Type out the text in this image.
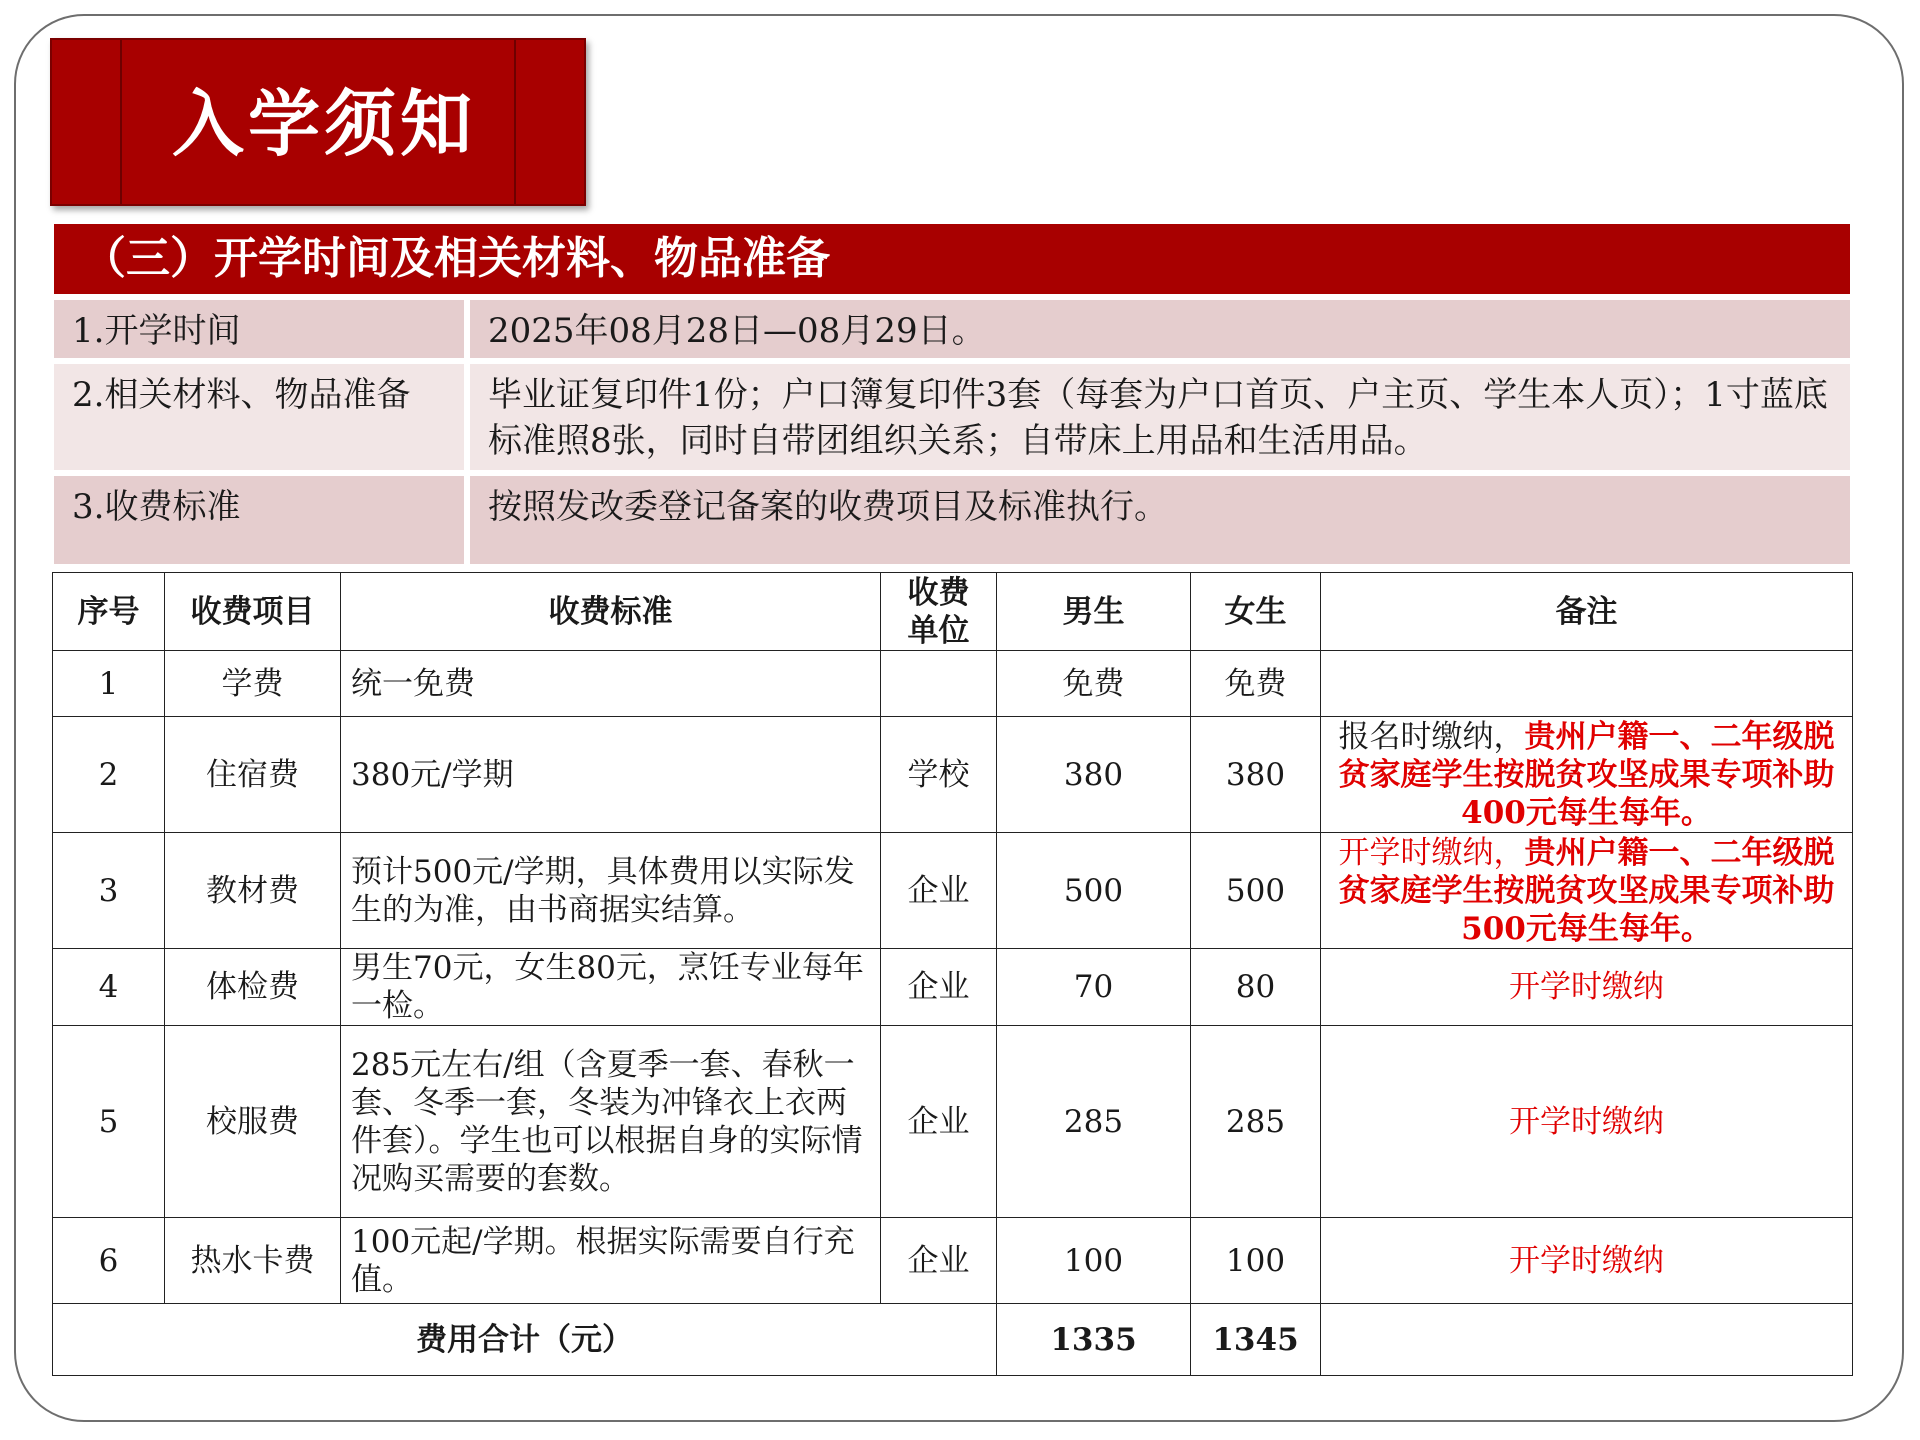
入学须知
（三）开学时间及相关材料、物品准备
1.开学时间	2025年08月28日—08月29日。
2.相关材料、物品准备	毕业证复印件1份；户口簿复印件3套（每套为户口首页、户主页、学生本人页）；1寸蓝底标准照8张，同时自带团组织关系；自带床上用品和生活用品。
3.收费标准	按照发改委登记备案的收费项目及标准执行。
序号	收费项目	收费标准	收费单位	男生	女生	备注
1	学费	统一免费		免费	免费	
2	住宿费	380元/学期	学校	380	380	报名时缴纳，贵州户籍一、二年级脱贫家庭学生按脱贫攻坚成果专项补助400元每生每年。
3	教材费	预计500元/学期，具体费用以实际发生的为准，由书商据实结算。	企业	500	500	开学时缴纳，贵州户籍一、二年级脱贫家庭学生按脱贫攻坚成果专项补助500元每生每年。
4	体检费	男生70元，女生80元，烹饪专业每年一检。	企业	70	80	开学时缴纳
5	校服费	285元左右/组（含夏季一套、春秋一套、冬季一套，冬装为冲锋衣上衣两件套）。学生也可以根据自身的实际情况购买需要的套数。	企业	285	285	开学时缴纳
6	热水卡费	100元起/学期。根据实际需要自行充值。	企业	100	100	开学时缴纳
费用合计（元）				1335	1345	
